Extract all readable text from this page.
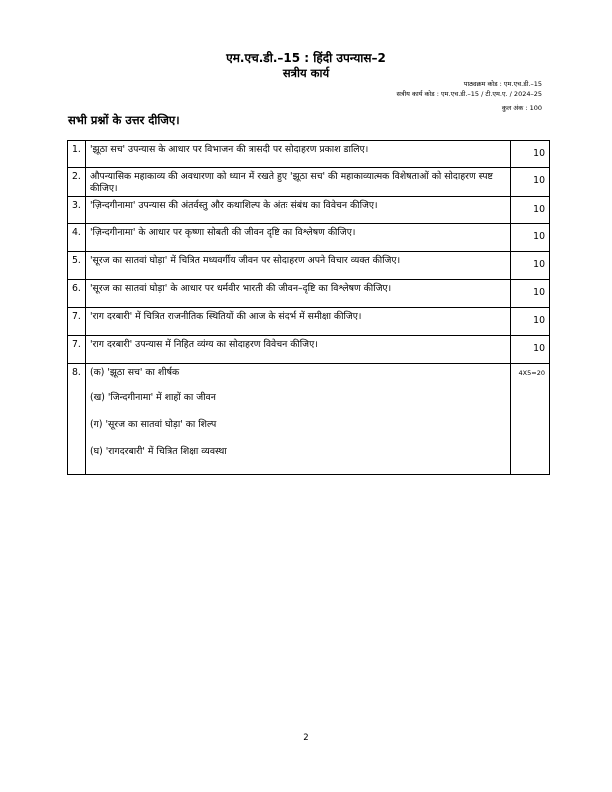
एम.एच.डी.–15 : हिंदी उपन्यास–2
सत्रीय कार्य
पाठ्यक्रम कोड : एम.एच.डी.–15
सत्रीय कार्य कोड : एम.एच.डी.–15 / टी.एम.ए. / 2024–25
कुल अंक : 100
सभी प्रश्नों के उत्तर दीजिए।
1.	'झूठा सच' उपन्यास के आधार पर विभाजन की त्रासदी पर सोदाहरण प्रकाश डालिए।	10
2.	औपन्यासिक महाकाव्य की अवधारणा को ध्यान में रखते हुए 'झूठा सच' की महाकाव्यात्मक विशेषताओं को सोदाहरण स्पष्ट कीजिए।	10
3.	'ज़िन्दगीनामा' उपन्यास की अंतर्वस्तु और कथाशिल्प के अंतः संबंध का विवेचन कीजिए।	10
4.	'ज़िन्दगीनामा' के आधार पर कृष्णा सोबती की जीवन दृष्टि का विश्लेषण कीजिए।	10
5.	'सूरज का सातवां घोड़ा' में चित्रित मध्यवर्गीय जीवन पर सोदाहरण अपने विचार व्यक्त कीजिए।	10
6.	'सूरज का सातवां घोड़ा' के आधार पर धर्मवीर भारती की जीवन–दृष्टि का विश्लेषण कीजिए।	10
7.	'राग दरबारी' में चित्रित राजनीतिक स्थितियों की आज के संदर्भ में समीक्षा कीजिए।	10
7.	'राग दरबारी' उपन्यास में निहित व्यंग्य का सोदाहरण विवेचन कीजिए।	10
8.	(क) 'झूठा सच' का शीर्षक
(ख) 'जिन्दगीनामा' में शाहों का जीवन
(ग) 'सूरज का सातवां घोड़ा' का शिल्प
(घ) 'रागदरबारी' में चित्रित शिक्षा व्यवस्था	4X5=20
2
